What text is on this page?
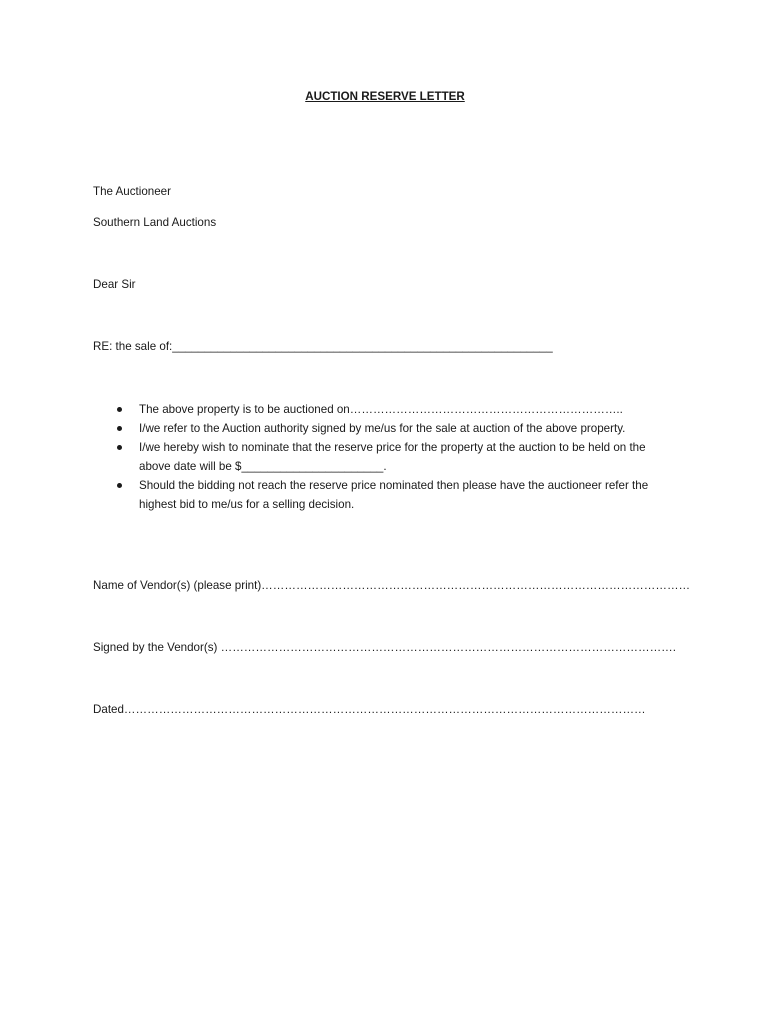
AUCTION RESERVE LETTER
The Auctioneer
Southern Land Auctions
Dear Sir
RE: the sale of:___________________________________________________________
The above property is to be auctioned on……………………………………………………………..
I/we refer to the Auction authority signed by me/us for the sale at auction of the above property.
I/we hereby wish to nominate that the reserve price for the property at the auction to be held on the above date will be $______________________.
Should the bidding not reach the reserve price nominated then please have the auctioneer refer the highest bid to me/us for a selling decision.
Name of Vendor(s) (please print)…………………………………………………………………………………………………
Signed by the Vendor(s) ……………………………………………………………………………………………………….
Dated………………………………………………………………………………………………………………………
